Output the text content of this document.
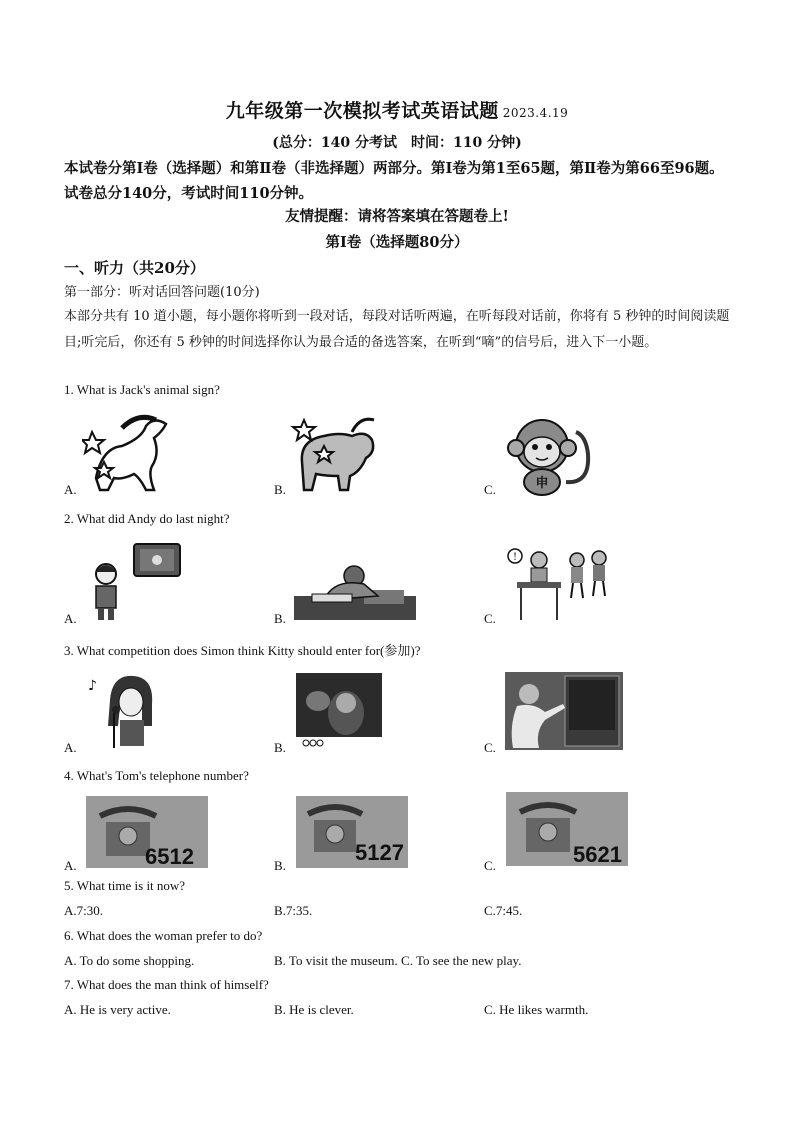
九年级第一次模拟考试英语试题 2023.4.19
(总分：140 分考试　时间：110 分钟)
本试卷分第Ⅰ卷（选择题）和第Ⅱ卷（非选择题）两部分。第Ⅰ卷为第1至65题，第Ⅱ卷为第66至96题。试卷总分140分，考试时间110分钟。
友情提醒：请将答案填在答题卷上!
第Ⅰ卷（选择题80分）
一、听力（共20分）
第一部分：听对话回答问题(10分)
本部分共有 10 道小题，每小题你将听到一段对话，每段对话听两遍，在听每段对话前，你将有 5 秒钟的时间阅读题目;听完后，你还有 5 秒钟的时间选择你认为最合适的备选答案，在听到“嘀”的信号后，进入下一小题。
1. What is Jack's animal sign?
A.	B.	C.	申
2. What did Andy do last night?
A.	B.	C.
!
3. What competition does Simon think Kitty should enter for(参加)?
A.	B.	C.
♪
4. What's Tom's telephone number?
A.	B.	C.
6512	5127	5621
5. What time is it now?
A.7:30.	B.7:35.	C.7:45.
6. What does the woman prefer to do?
A. To do some shopping.	B. To visit the museum. C. To see the new play.
7. What does the man think of himself?
A. He is very active.	B. He is clever.	C. He likes warmth.
